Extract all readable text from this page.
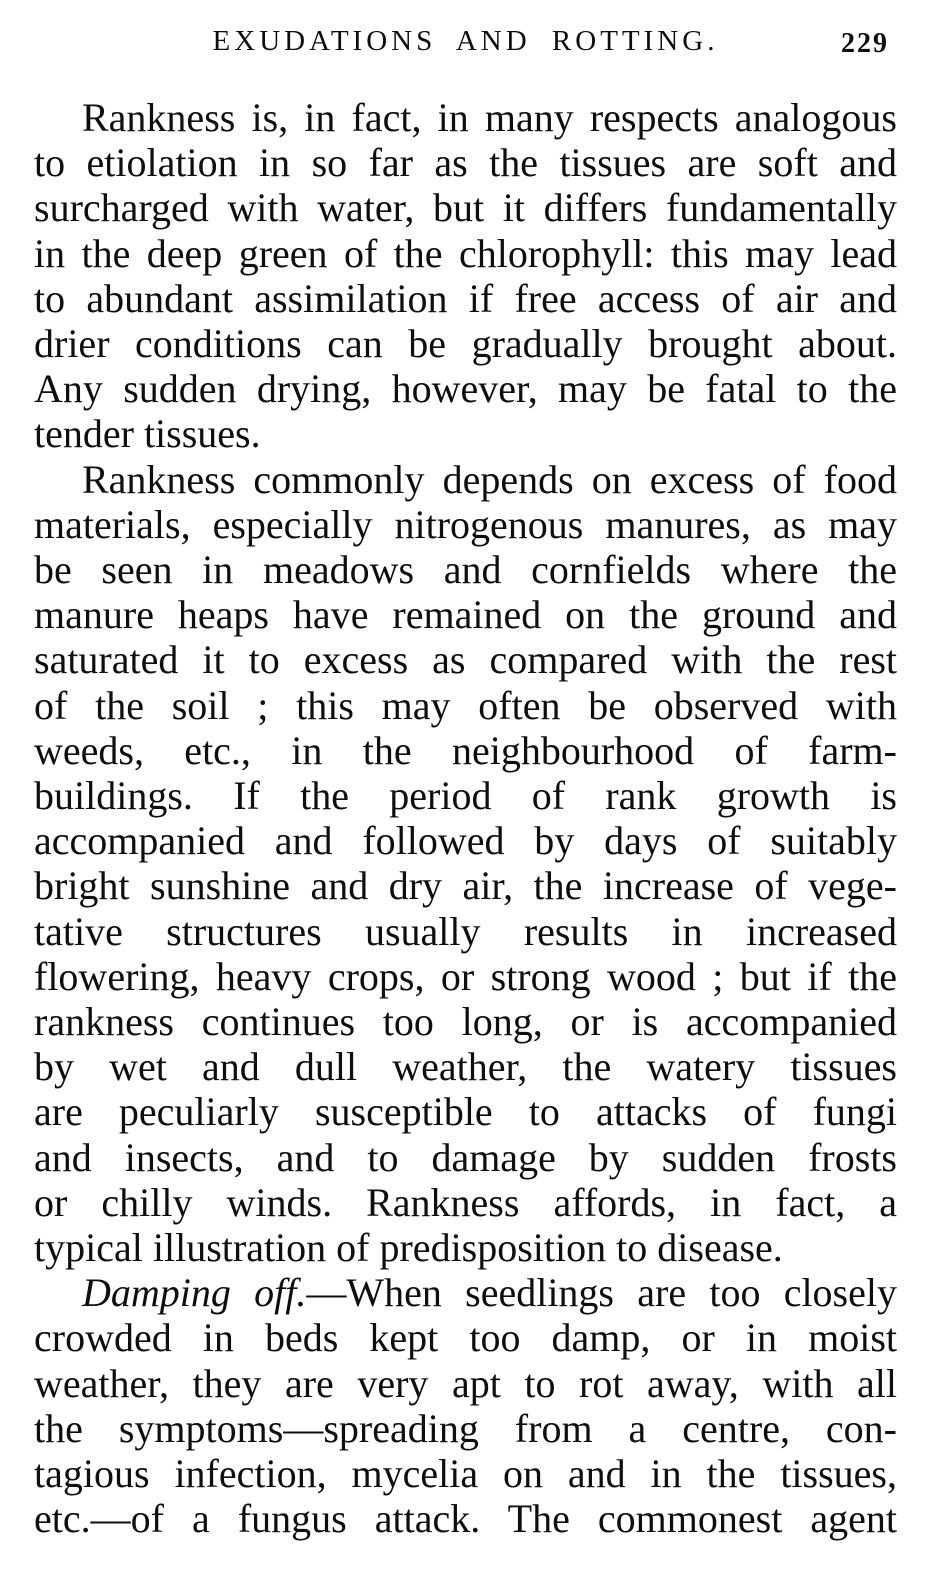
EXUDATIONS AND ROTTING.	229
Rankness is, in fact, in many respects analogous
to etiolation in so far as the tissues are soft and
surcharged with water, but it differs fundamentally
in the deep green of the chlorophyll: this may lead
to abundant assimilation if free access of air and
drier conditions can be gradually brought about.
Any sudden drying, however, may be fatal to the
tender tissues.
Rankness commonly depends on excess of food
materials, especially nitrogenous manures, as may
be seen in meadows and cornfields where the
manure heaps have remained on the ground and
saturated it to excess as compared with the rest
of the soil ; this may often be observed with
weeds, etc., in the neighbourhood of farm-
buildings. If the period of rank growth is
accompanied and followed by days of suitably
bright sunshine and dry air, the increase of vege-
tative structures usually results in increased
flowering, heavy crops, or strong wood ; but if the
rankness continues too long, or is accompanied
by wet and dull weather, the watery tissues
are peculiarly susceptible to attacks of fungi
and insects, and to damage by sudden frosts
or chilly winds. Rankness affords, in fact, a
typical illustration of predisposition to disease.
Damping off.—When seedlings are too closely
crowded in beds kept too damp, or in moist
weather, they are very apt to rot away, with all
the symptoms—spreading from a centre, con-
tagious infection, mycelia on and in the tissues,
etc.—of a fungus attack. The commonest agent
